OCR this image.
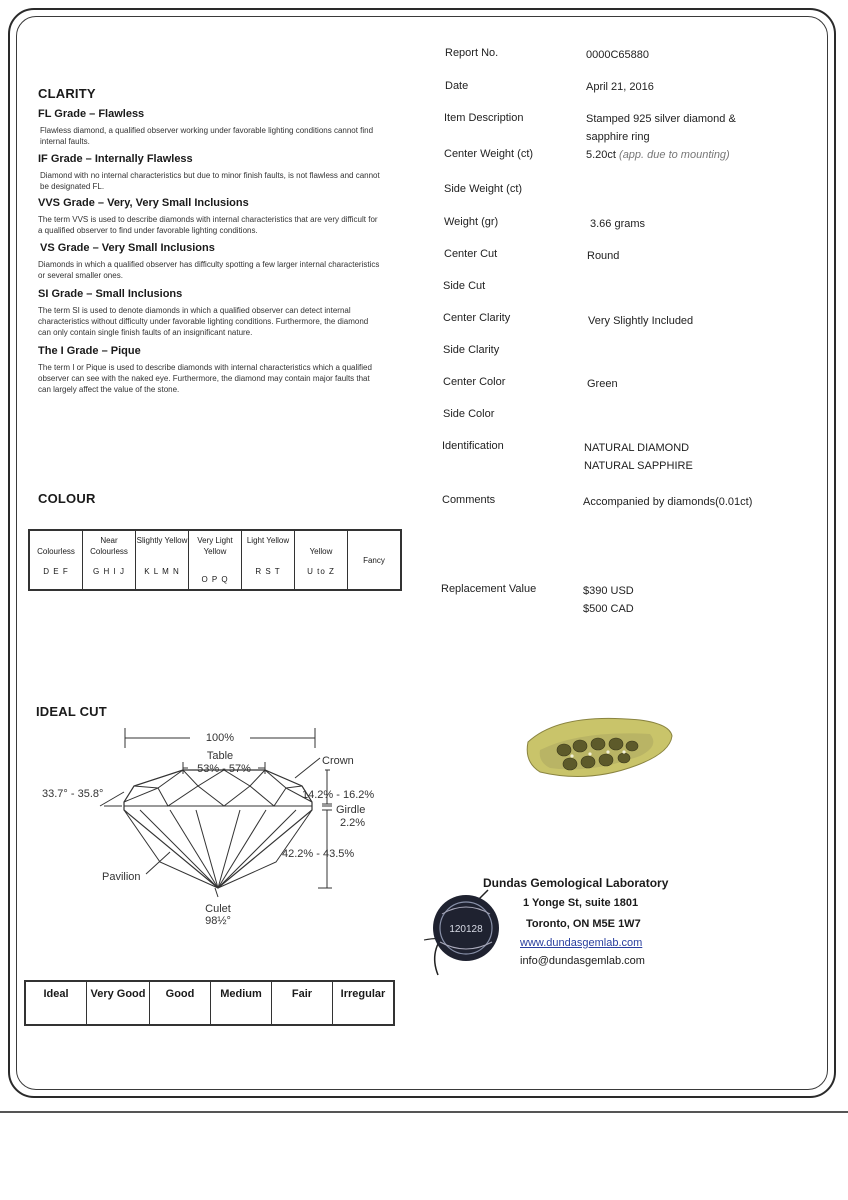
CLARITY
FL Grade – Flawless
Flawless diamond, a qualified observer working under favorable lighting conditions cannot find internal faults.
IF Grade – Internally Flawless
Diamond with no internal characteristics but due to minor finish faults, is not flawless and cannot be designated FL.
VVS Grade – Very, Very Small Inclusions
The term VVS is used to describe diamonds with internal characteristics that are very difficult for a qualified observer to find under favorable lighting conditions.
VS Grade – Very Small Inclusions
Diamonds in which a qualified observer has difficulty spotting a few larger internal characteristics or several smaller ones.
SI Grade – Small Inclusions
The term SI is used to denote diamonds in which a qualified observer can detect internal characteristics without difficulty under favorable lighting conditions. Furthermore, the diamond can only contain single finish faults of an insignificant nature.
The I Grade – Pique
The term I or Pique is used to describe diamonds with internal characteristics which a qualified observer can see with the naked eye. Furthermore, the diamond may contain major faults that can largely affect the value of the stone.
COLOUR
Colourless
D E F

Near Colourless
G H I J

Slightly Yellow
K L M N

Very Light Yellow
O P Q

Light Yellow
R S T

Yellow
U to Z

Fancy
IDEAL CUT
100%
Table
53% - 57%
Crown
33.7° - 35.8°	14.2% - 16.2%
Girdle
2.2%
42.2% - 43.5%
Pavilion
Culet
98½°
Ideal	Very Good	Good	Medium	Fair	Irregular
Report No.	0000C65880
Date	April 21, 2016
Item Description	Stamped 925 silver diamond & sapphire ring
Center Weight (ct)	5.20ct (app. due to mounting)
Side Weight (ct)
Weight (gr)	3.66 grams
Center Cut	Round
Side Cut
Center Clarity	Very Slightly Included
Side Clarity
Center Color	Green
Side Color
Identification	NATURAL DIAMOND
NATURAL SAPPHIRE
Comments	Accompanied by diamonds(0.01ct)
Replacement Value	$390 USD
$500 CAD
Dundas Gemological Laboratory
1 Yonge St, suite 1801
Toronto, ON M5E 1W7
www.dundasgemlab.com
info@dundasgemlab.com
120128
